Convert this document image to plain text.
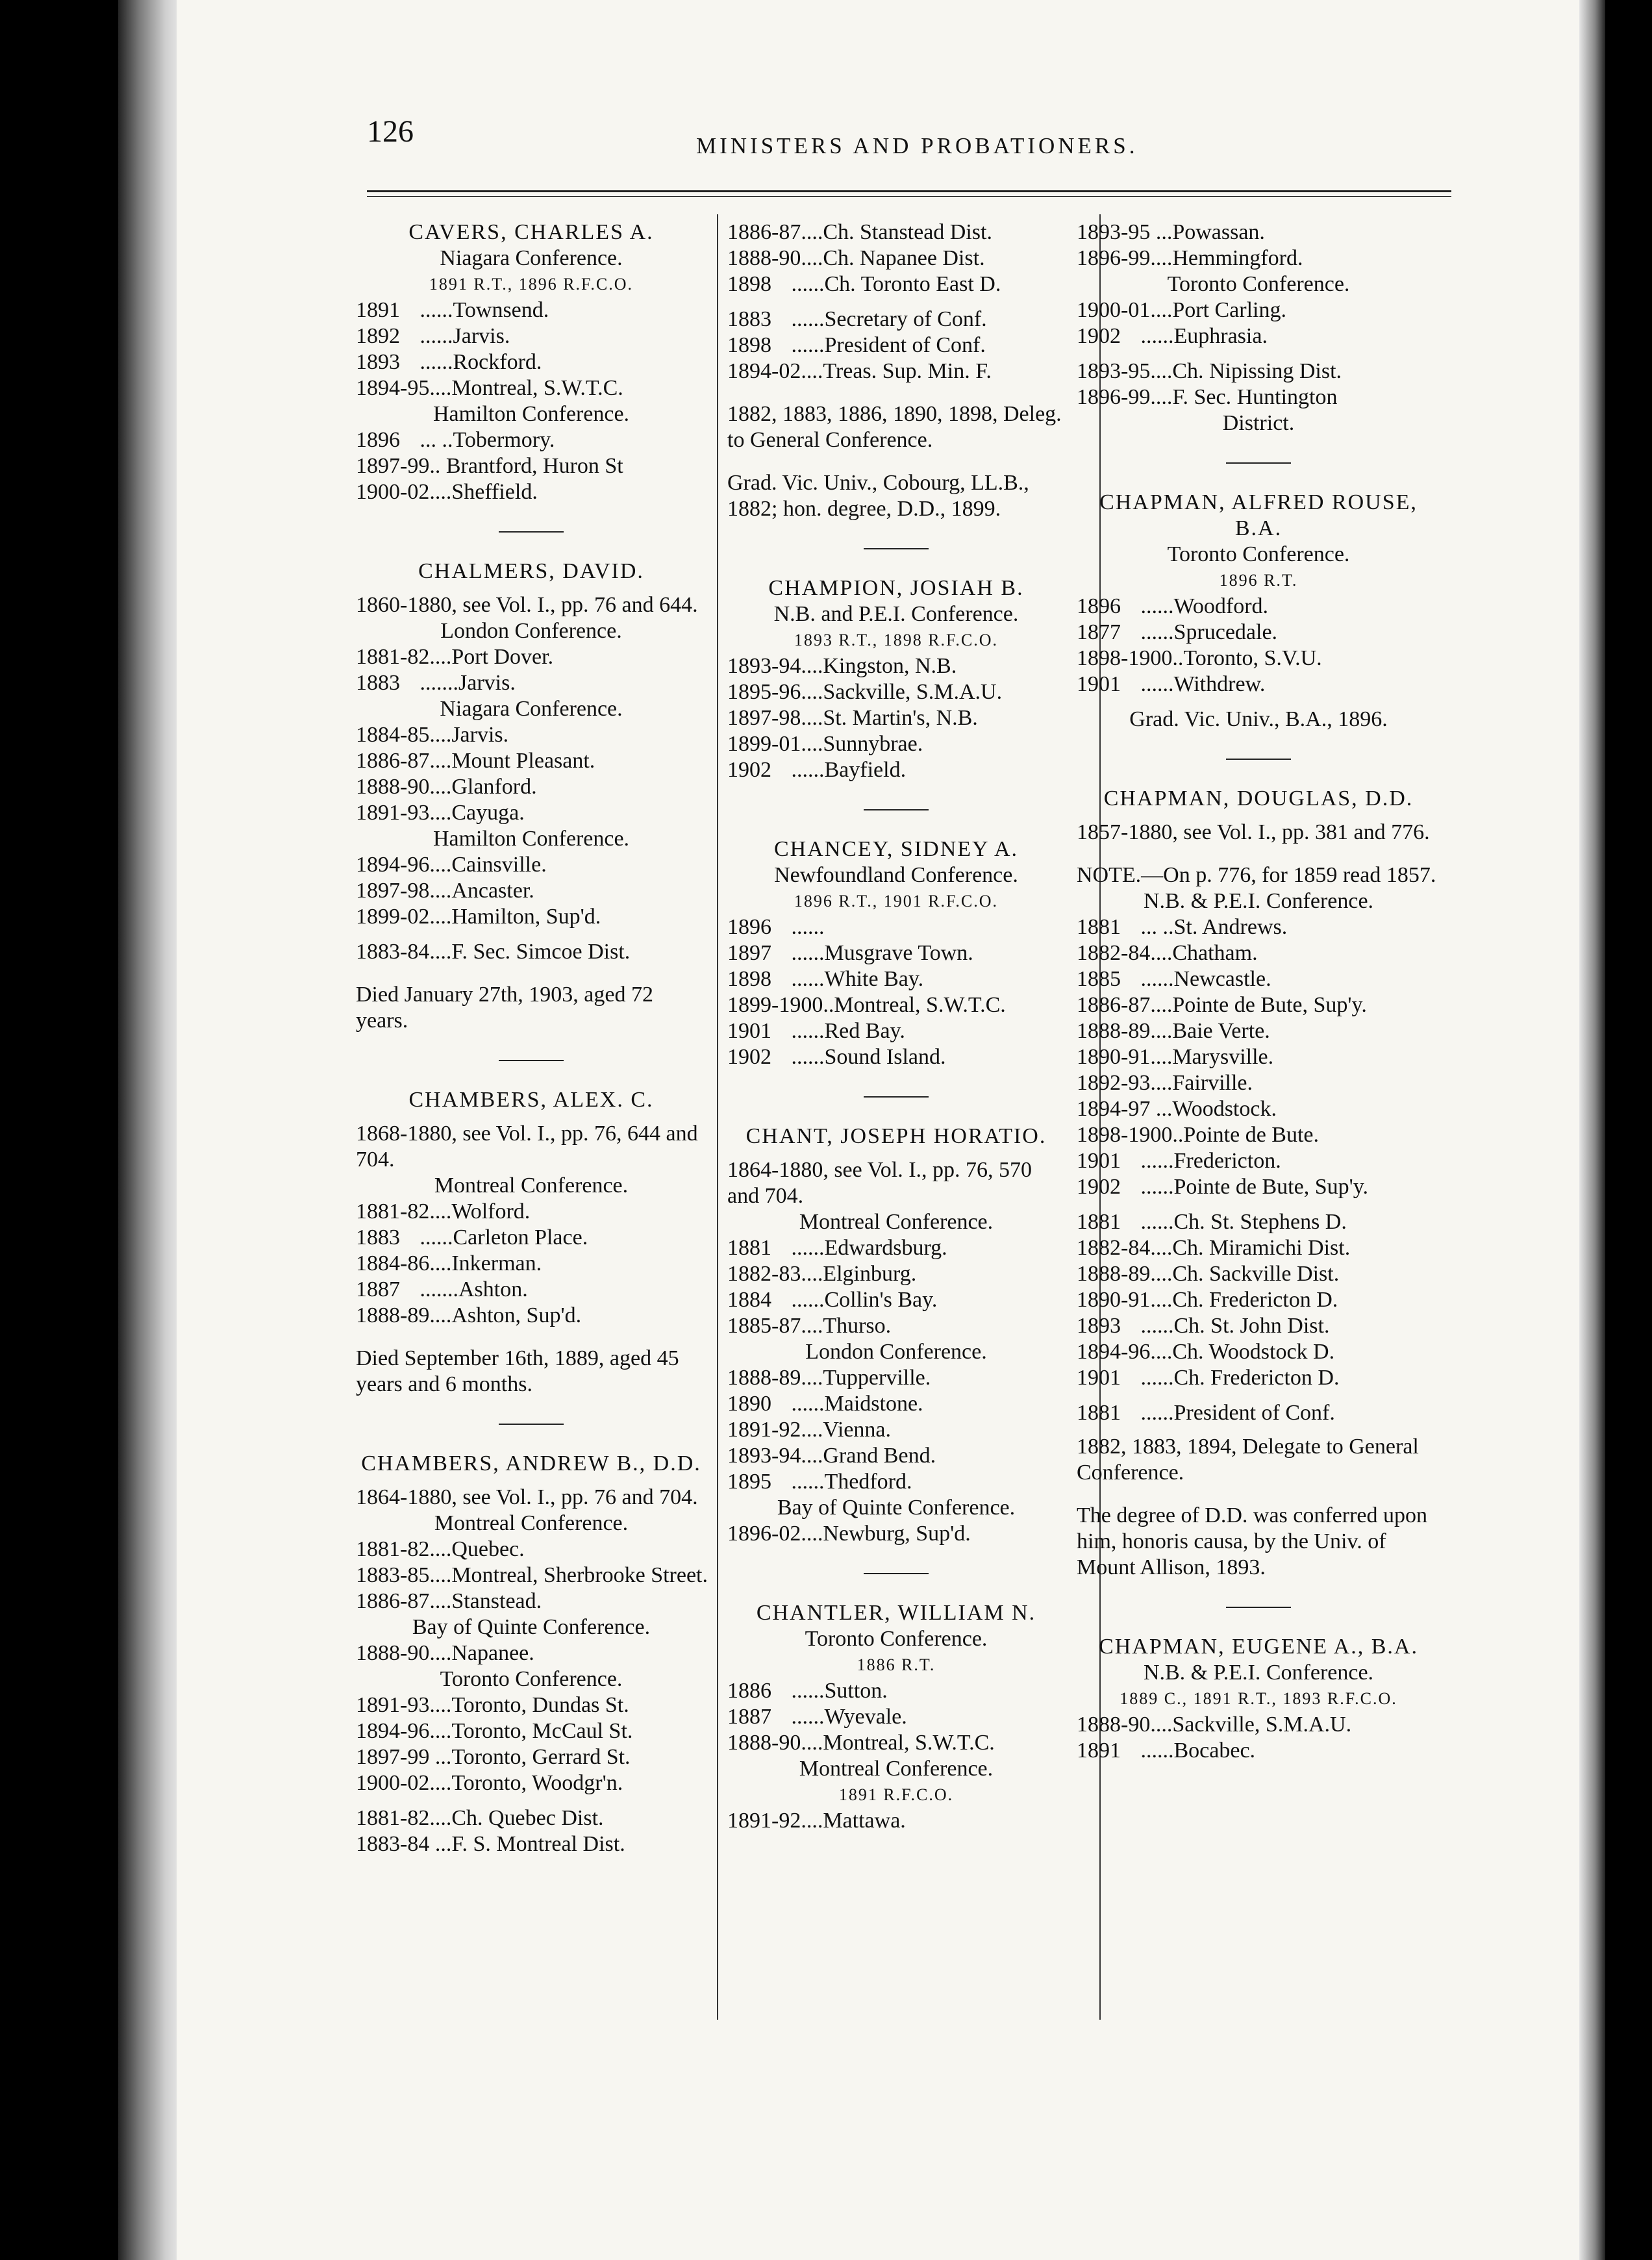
126	MINISTERS AND PROBATIONERS.
CAVERS, CHARLES A.
Niagara Conference.
1891 R.T., 1896 R.F.C.O.
1891 ......Townsend.
1892 ......Jarvis.
1893 ......Rockford.
1894-95....Montreal, S.W.T.C.
Hamilton Conference.
1896 ... ..Tobermory.
1897-99.. Brantford, Huron St
1900-02....Sheffield.
CHALMERS, DAVID.
1860-1880, see Vol. I., pp. 76 and 644.
London Conference.
1881-82....Port Dover.
1883 .......Jarvis.
Niagara Conference.
1884-85....Jarvis.
1886-87....Mount Pleasant.
1888-90....Glanford.
1891-93....Cayuga.
Hamilton Conference.
1894-96....Cainsville.
1897-98....Ancaster.
1899-02....Hamilton, Sup'd.
1883-84....F. Sec. Simcoe Dist.
Died January 27th, 1903, aged 72 years.
CHAMBERS, ALEX. C.
1868-1880, see Vol. I., pp. 76, 644 and 704.
Montreal Conference.
1881-82....Wolford.
1883 ......Carleton Place.
1884-86....Inkerman.
1887 .......Ashton.
1888-89....Ashton, Sup'd.
Died September 16th, 1889, aged 45 years and 6 months.
CHAMBERS, ANDREW B., D.D.
1864-1880, see Vol. I., pp. 76 and 704.
Montreal Conference.
1881-82....Quebec.
1883-85....Montreal, Sherbrooke Street.
1886-87....Stanstead.
Bay of Quinte Conference.
1888-90....Napanee.
Toronto Conference.
1891-93....Toronto, Dundas St.
1894-96....Toronto, McCaul St.
1897-99 ...Toronto, Gerrard St.
1900-02....Toronto, Woodgr'n.
1881-82....Ch. Quebec Dist.
1883-84 ...F. S. Montreal Dist.
1886-87....Ch. Stanstead Dist.
1888-90....Ch. Napanee Dist.
1898 ......Ch. Toronto East D.
1883 ......Secretary of Conf.
1898 ......President of Conf.
1894-02....Treas. Sup. Min. F.
1882, 1883, 1886, 1890, 1898, Deleg. to General Conference.
Grad. Vic. Univ., Cobourg, LL.B., 1882; hon. degree, D.D., 1899.
CHAMPION, JOSIAH B.
N.B. and P.E.I. Conference.
1893 R.T., 1898 R.F.C.O.
1893-94....Kingston, N.B.
1895-96....Sackville, S.M.A.U.
1897-98....St. Martin's, N.B.
1899-01....Sunnybrae.
1902 ......Bayfield.
CHANCEY, SIDNEY A.
Newfoundland Conference.
1896 R.T., 1901 R.F.C.O.
1896 ......
1897 ......Musgrave Town.
1898 ......White Bay.
1899-1900..Montreal, S.W.T.C.
1901 ......Red Bay.
1902 ......Sound Island.
CHANT, JOSEPH HORATIO.
1864-1880, see Vol. I., pp. 76, 570 and 704.
Montreal Conference.
1881 ......Edwardsburg.
1882-83....Elginburg.
1884 ......Collin's Bay.
1885-87....Thurso.
London Conference.
1888-89....Tupperville.
1890 ......Maidstone.
1891-92....Vienna.
1893-94....Grand Bend.
1895 ......Thedford.
Bay of Quinte Conference.
1896-02....Newburg, Sup'd.
CHANTLER, WILLIAM N.
Toronto Conference.
1886 R.T.
1886 ......Sutton.
1887 ......Wyevale.
1888-90....Montreal, S.W.T.C.
Montreal Conference.
1891 R.F.C.O.
1891-92....Mattawa.
1893-95 ...Powassan.
1896-99....Hemmingford.
Toronto Conference.
1900-01....Port Carling.
1902 ......Euphrasia.
1893-95....Ch. Nipissing Dist.
1896-99....F. Sec. Huntington
District.
CHAPMAN, ALFRED ROUSE, B.A.
Toronto Conference.
1896 R.T.
1896 ......Woodford.
1877 ......Sprucedale.
1898-1900..Toronto, S.V.U.
1901 ......Withdrew.
Grad. Vic. Univ., B.A., 1896.
CHAPMAN, DOUGLAS, D.D.
1857-1880, see Vol. I., pp. 381 and 776.
NOTE.—On p. 776, for 1859 read 1857.
N.B. & P.E.I. Conference.
1881 ... ..St. Andrews.
1882-84....Chatham.
1885 ......Newcastle.
1886-87....Pointe de Bute, Sup'y.
1888-89....Baie Verte.
1890-91....Marysville.
1892-93....Fairville.
1894-97 ...Woodstock.
1898-1900..Pointe de Bute.
1901 ......Fredericton.
1902 ......Pointe de Bute, Sup'y.
1881 ......Ch. St. Stephens D.
1882-84....Ch. Miramichi Dist.
1888-89....Ch. Sackville Dist.
1890-91....Ch. Fredericton D.
1893 ......Ch. St. John Dist.
1894-96....Ch. Woodstock D.
1901 ......Ch. Fredericton D.
1881 ......President of Conf.
1882, 1883, 1894, Delegate to General Conference.
The degree of D.D. was conferred upon him, honoris causa, by the Univ. of Mount Allison, 1893.
CHAPMAN, EUGENE A., B.A.
N.B. & P.E.I. Conference.
1889 C., 1891 R.T., 1893 R.F.C.O.
1888-90....Sackville, S.M.A.U.
1891 ......Bocabec.
